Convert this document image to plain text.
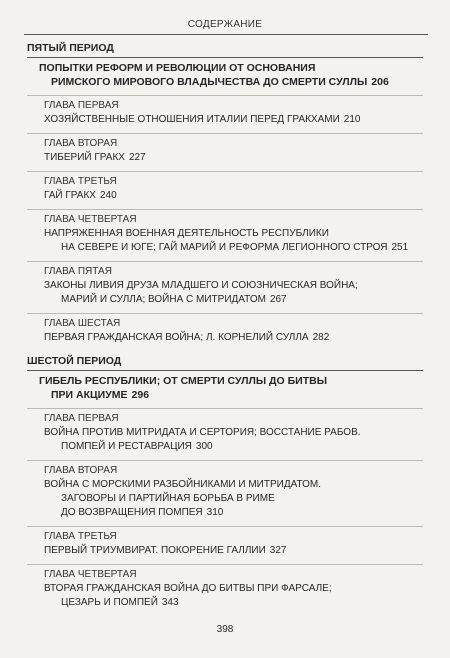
СОДЕРЖАНИЕ
ПЯТЫЙ ПЕРИОД
ПОПЫТКИ РЕФОРМ И РЕВОЛЮЦИИ ОТ ОСНОВАНИЯ
РИМСКОГО МИРОВОГО ВЛАДЫЧЕСТВА ДО СМЕРТИ СУЛЛЫ 206
ГЛАВА ПЕРВАЯ
ХОЗЯЙСТВЕННЫЕ ОТНОШЕНИЯ ИТАЛИИ ПЕРЕД ГРАКХАМИ 210
ГЛАВА ВТОРАЯ
ТИБЕРИЙ ГРАКХ 227
ГЛАВА ТРЕТЬЯ
ГАЙ ГРАКХ 240
ГЛАВА ЧЕТВЕРТАЯ
НАПРЯЖЕННАЯ ВОЕННАЯ ДЕЯТЕЛЬНОСТЬ РЕСПУБЛИКИ
НА СЕВЕРЕ И ЮГЕ; ГАЙ МАРИЙ И РЕФОРМА ЛЕГИОННОГО СТРОЯ 251
ГЛАВА ПЯТАЯ
ЗАКОНЫ ЛИВИЯ ДРУЗА МЛАДШЕГО И СОЮЗНИЧЕСКАЯ ВОЙНА;
МАРИЙ И СУЛЛА; ВОЙНА С МИТРИДАТОМ 267
ГЛАВА ШЕСТАЯ
ПЕРВАЯ ГРАЖДАНСКАЯ ВОЙНА; Л. КОРНЕЛИЙ СУЛЛА 282
ШЕСТОЙ ПЕРИОД
ГИБЕЛЬ РЕСПУБЛИКИ; ОТ СМЕРТИ СУЛЛЫ ДО БИТВЫ
ПРИ АКЦИУМЕ 296
ГЛАВА ПЕРВАЯ
ВОЙНА ПРОТИВ МИТРИДАТА И СЕРТОРИЯ; ВОССТАНИЕ РАБОВ.
ПОМПЕЙ И РЕСТАВРАЦИЯ 300
ГЛАВА ВТОРАЯ
ВОЙНА С МОРСКИМИ РАЗБОЙНИКАМИ И МИТРИДАТОМ.
ЗАГОВОРЫ И ПАРТИЙНАЯ БОРЬБА В РИМЕ
ДО ВОЗВРАЩЕНИЯ ПОМПЕЯ 310
ГЛАВА ТРЕТЬЯ
ПЕРВЫЙ ТРИУМВИРАТ. ПОКОРЕНИЕ ГАЛЛИИ 327
ГЛАВА ЧЕТВЕРТАЯ
ВТОРАЯ ГРАЖДАНСКАЯ ВОЙНА ДО БИТВЫ ПРИ ФАРСАЛЕ;
ЦЕЗАРЬ И ПОМПЕЙ 343
398
